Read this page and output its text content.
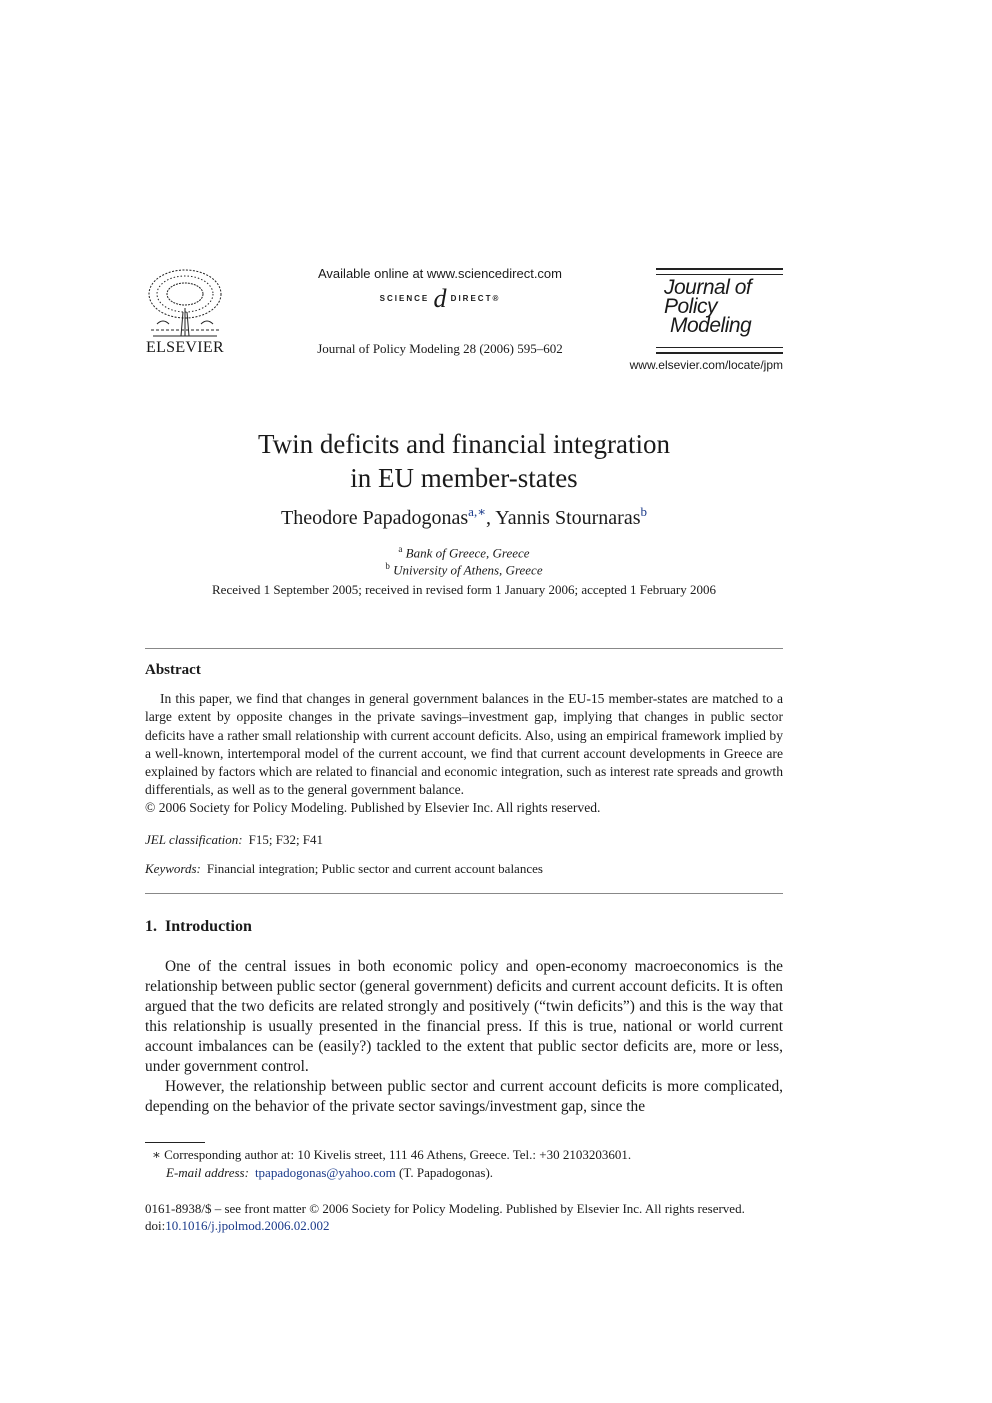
ELSEVIER
Available online at www.sciencedirect.com
SCIENCE d DIRECT®
Journal of Policy Modeling 28 (2006) 595–602
Journal of
Policy
Modeling
www.elsevier.com/locate/jpm
Twin deficits and financial integration
in EU member-states
Theodore Papadogonas$^{a,∗}$, Yannis Stournaras$^b$
$^a$ Bank of Greece, Greece
$^b$ University of Athens, Greece
Received 1 September 2005; received in revised form 1 January 2006; accepted 1 February 2006
Abstract
In this paper, we find that changes in general government balances in the EU-15 member-states are matched to a large extent by opposite changes in the private savings–investment gap, implying that changes in public sector deficits have a rather small relationship with current account deficits. Also, using an empirical framework implied by a well-known, intertemporal model of the current account, we find that current account developments in Greece are explained by factors which are related to financial and economic integration, such as interest rate spreads and growth differentials, as well as to the general government balance.
© 2006 Society for Policy Modeling. Published by Elsevier Inc. All rights reserved.
JEL classification: F15; F32; F41
Keywords: Financial integration; Public sector and current account balances
1.  Introduction
One of the central issues in both economic policy and open-economy macroeconomics is the relationship between public sector (general government) deficits and current account deficits. It is often argued that the two deficits are related strongly and positively (“twin deficits”) and this is the way that this relationship is usually presented in the financial press. If this is true, national or world current account imbalances can be (easily?) tackled to the extent that public sector deficits are, more or less, under government control.
However, the relationship between public sector and current account deficits is more complicated, depending on the behavior of the private sector savings/investment gap, since the
∗ Corresponding author at: 10 Kivelis street, 111 46 Athens, Greece. Tel.: +30 2103203601.
E-mail address: tpapadogonas@yahoo.com (T. Papadogonas).
0161-8938/$ – see front matter © 2006 Society for Policy Modeling. Published by Elsevier Inc. All rights reserved.
doi:10.1016/j.jpolmod.2006.02.002
